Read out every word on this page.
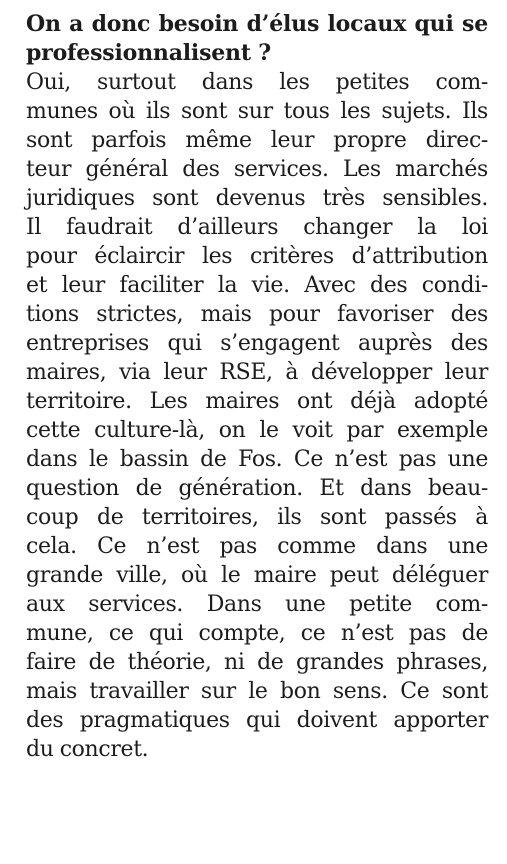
On a donc besoin d’élus locaux qui se
professionnalisent ?

Oui, surtout dans les petites com-
munes où ils sont sur tous les sujets. Ils
sont parfois même leur propre direc-
teur général des services. Les marchés
juridiques sont devenus très sensibles.
Il faudrait d’ailleurs changer la loi
pour éclaircir les critères d’attribution
et leur faciliter la vie. Avec des condi-
tions strictes, mais pour favoriser des
entreprises qui s’engagent auprès des
maires, via leur RSE, à développer leur
territoire. Les maires ont déjà adopté
cette culture-là, on le voit par exemple
dans le bassin de Fos. Ce n’est pas une
question de génération. Et dans beau-
coup de territoires, ils sont passés à
cela. Ce n’est pas comme dans une
grande ville, où le maire peut déléguer
aux services. Dans une petite com-
mune, ce qui compte, ce n’est pas de
faire de théorie, ni de grandes phrases,
mais travailler sur le bon sens. Ce sont
des pragmatiques qui doivent apporter
du concret.
